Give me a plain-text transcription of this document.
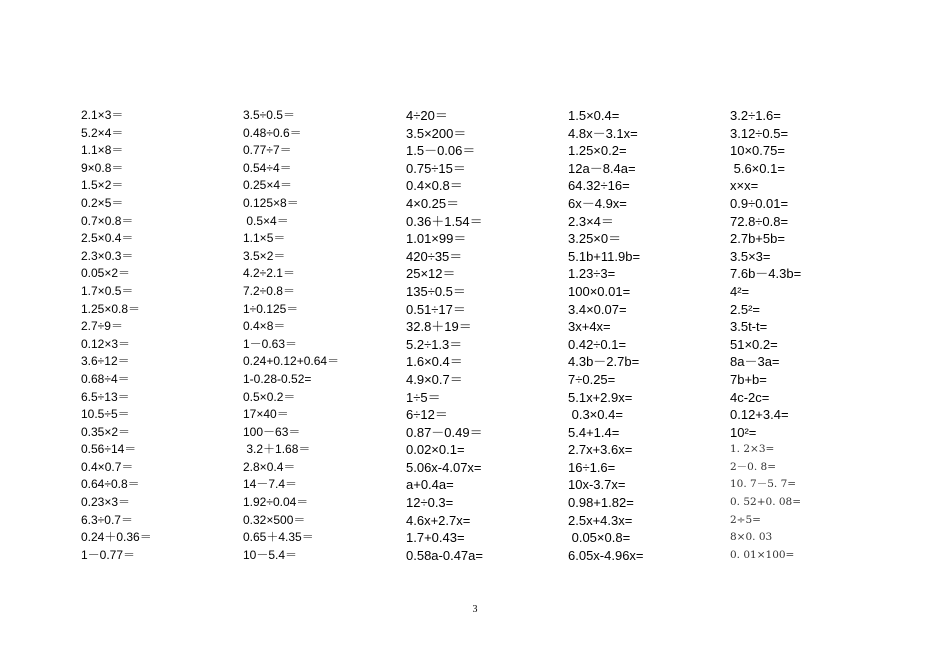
2.1×3＝
5.2×4＝
1.1×8＝
9×0.8＝
1.5×2＝
0.2×5＝
0.7×0.8＝
2.5×0.4＝
2.3×0.3＝
0.05×2＝
1.7×0.5＝
1.25×0.8＝
2.7÷9＝
0.12×3＝
3.6÷12＝
0.68÷4＝
6.5÷13＝
10.5÷5＝
0.35×2＝
0.56÷14＝
0.4×0.7＝
0.64÷0.8＝
0.23×3＝
6.3÷0.7＝
0.24＋0.36＝
1－0.77＝
3.5÷0.5＝
0.48÷0.6＝
0.77÷7＝
0.54÷4＝
0.25×4＝
0.125×8＝
0.5×4＝
1.1×5＝
3.5×2＝
4.2÷2.1＝
7.2÷0.8＝
1÷0.125＝
0.4×8＝
1－0.63＝
0.24+0.12+0.64＝
1-0.28-0.52=
0.5×0.2＝
17×40＝
100－63＝
3.2＋1.68＝
2.8×0.4＝
14－7.4＝
1.92÷0.04＝
0.32×500＝
0.65＋4.35＝
10－5.4＝
4÷20＝
3.5×200＝
1.5－0.06＝
0.75÷15＝
0.4×0.8＝
4×0.25＝
0.36＋1.54＝
1.01×99＝
420÷35＝
25×12＝
135÷0.5＝
0.51÷17＝
32.8＋19＝
5.2÷1.3＝
1.6×0.4＝
4.9×0.7＝
1÷5＝
6÷12＝
0.87－0.49＝
0.02×0.1=
5.06x-4.07x=
a+0.4a=
12÷0.3=
4.6x+2.7x=
1.7+0.43=
0.58a-0.47a=
1.5×0.4=
4.8x－3.1x=
1.25×0.2=
12a－8.4a=
64.32÷16=
6x－4.9x=
2.3×4＝
3.25×0＝
5.1b+11.9b=
1.23÷3=
100×0.01=
3.4×0.07=
3x+4x=
0.42÷0.1=
4.3b－2.7b=
7÷0.25=
5.1x+2.9x=
0.3×0.4=
5.4+1.4=
2.7x+3.6x=
16÷1.6=
10x-3.7x=
0.98+1.82=
2.5x+4.3x=
0.05×0.8=
6.05x-4.96x=
3.2÷1.6=
3.12÷0.5=
10×0.75=
5.6×0.1=
x×x=
0.9÷0.01=
72.8÷0.8=
2.7b+5b=
3.5×3=
7.6b－4.3b=
4²=
2.5²=
3.5t-t=
51×0.2=
8a－3a=
7b+b=
4c-2c=
0.12+3.4=
10²=
1. 2×3=
2－0. 8=
10. 7－5. 7=
0. 52+0. 08=
2÷5=
8×0. 03
0. 01×100=
3
